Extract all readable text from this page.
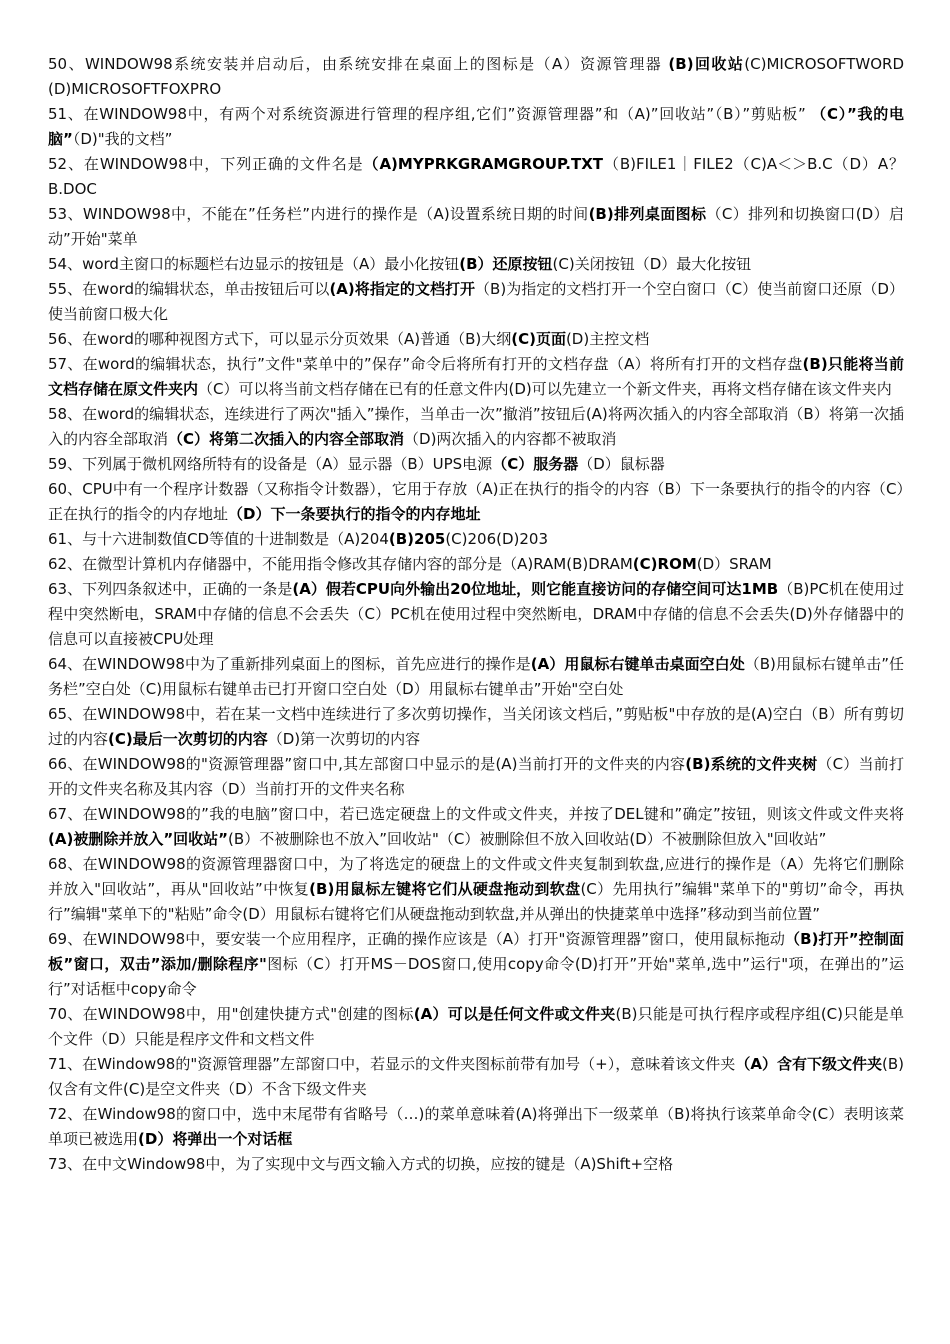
50、WINDOW98系统安装并启动后，由系统安排在桌面上的图标是（A）资源管理器 (B)回收站(C)MICROSOFTWORD (D)MICROSOFTFOXPRO

51、在WINDOW98中，有两个对系统资源进行管理的程序组,它们”资源管理器”和（A)”回收站”（B）”剪贴板” （C）”我的电脑”（D)"我的文档”

52、在WINDOW98中，下列正确的文件名是（A)MYPRKGRAMGROUP.TXT（B)FILE1｜FILE2（C)A＜＞B.C（D）A？B.DOC

53、WINDOW98中，不能在”任务栏”内进行的操作是（A)设置系统日期的时间(B)排列桌面图标（C）排列和切换窗口(D）启动”开始"菜单

54、word主窗口的标题栏右边显示的按钮是（A）最小化按钮(B）还原按钮(C)关闭按钮（D）最大化按钮

55、在word的编辑状态，单击按钮后可以(A)将指定的文档打开（B)为指定的文档打开一个空白窗口（C）使当前窗口还原（D）使当前窗口极大化

56、在word的哪种视图方式下，可以显示分页效果（A)普通（B)大纲(C)页面(D)主控文档

57、在word的编辑状态，执行”文件"菜单中的”保存”命令后将所有打开的文档存盘（A）将所有打开的文档存盘(B)只能将当前文档存储在原文件夹内（C）可以将当前文档存储在已有的任意文件内(D)可以先建立一个新文件夹，再将文档存储在该文件夹内

58、在word的编辑状态，连续进行了两次"插入”操作，当单击一次”撤消”按钮后(A)将两次插入的内容全部取消（B）将第一次插入的内容全部取消（C）将第二次插入的内容全部取消（D)两次插入的内容都不被取消

59、下列属于微机网络所特有的设备是（A）显示器（B）UPS电源（C）服务器（D）鼠标器

60、CPU中有一个程序计数器（又称指令计数器），它用于存放（A)正在执行的指令的内容（B）下一条要执行的指令的内容（C）正在执行的指令的内存地址（D）下一条要执行的指令的内存地址

61、与十六进制数值CD等值的十进制数是（A)204(B)205(C)206(D)203

62、在微型计算机内存储器中，不能用指令修改其存储内容的部分是（A)RAM(B)DRAM(C)ROM(D）SRAM

63、下列四条叙述中，正确的一条是(A）假若CPU向外输出20位地址，则它能直接访问的存储空间可达1MB（B)PC机在使用过程中突然断电，SRAM中存储的信息不会丢失（C）PC机在使用过程中突然断电，DRAM中存储的信息不会丢失(D)外存储器中的信息可以直接被CPU处理

64、在WINDOW98中为了重新排列桌面上的图标，首先应进行的操作是(A）用鼠标右键单击桌面空白处（B)用鼠标右键单击”任务栏”空白处（C)用鼠标右键单击已打开窗口空白处（D）用鼠标右键单击”开始"空白处

65、在WINDOW98中，若在某一文档中连续进行了多次剪切操作，当关闭该文档后，”剪贴板"中存放的是(A)空白（B）所有剪切过的内容(C)最后一次剪切的内容（D)第一次剪切的内容

66、在WINDOW98的"资源管理器”窗口中,其左部窗口中显示的是(A)当前打开的文件夹的内容(B)系统的文件夹树（C）当前打开的文件夹名称及其内容（D）当前打开的文件夹名称

67、在WINDOW98的”我的电脑”窗口中，若已选定硬盘上的文件或文件夹，并按了DEL键和”确定”按钮，则该文件或文件夹将(A)被删除并放入”回收站”(B）不被删除也不放入”回收站"（C）被删除但不放入回收站(D）不被删除但放入"回收站”

68、在WINDOW98的资源管理器窗口中，为了将选定的硬盘上的文件或文件夹复制到软盘,应进行的操作是（A）先将它们删除并放入"回收站”，再从"回收站”中恢复(B)用鼠标左键将它们从硬盘拖动到软盘(C）先用执行”编辑"菜单下的"剪切”命令，再执行”编辑"菜单下的"粘贴”命令(D）用鼠标右键将它们从硬盘拖动到软盘,并从弹出的快捷菜单中选择”移动到当前位置”

69、在WINDOW98中，要安装一个应用程序，正确的操作应该是（A）打开"资源管理器”窗口，使用鼠标拖动（B)打开”控制面板”窗口，双击”添加/删除程序"图标（C）打开MS－DOS窗口,使用copy命令(D)打开”开始"菜单,选中”运行"项，在弹出的”运行”对话框中copy命令

70、在WINDOW98中，用"创建快捷方式"创建的图标(A）可以是任何文件或文件夹(B)只能是可执行程序或程序组(C)只能是单个文件（D）只能是程序文件和文档文件

71、在Window98的"资源管理器”左部窗口中，若显示的文件夹图标前带有加号（+），意味着该文件夹（A）含有下级文件夹(B)仅含有文件(C)是空文件夹（D）不含下级文件夹

72、在Window98的窗口中，选中末尾带有省略号（…)的菜单意味着(A)将弹出下一级菜单（B)将执行该菜单命令(C）表明该菜单项已被选用(D）将弹出一个对话框

73、在中文Window98中，为了实现中文与西文输入方式的切换，应按的键是（A)Shift+空格
